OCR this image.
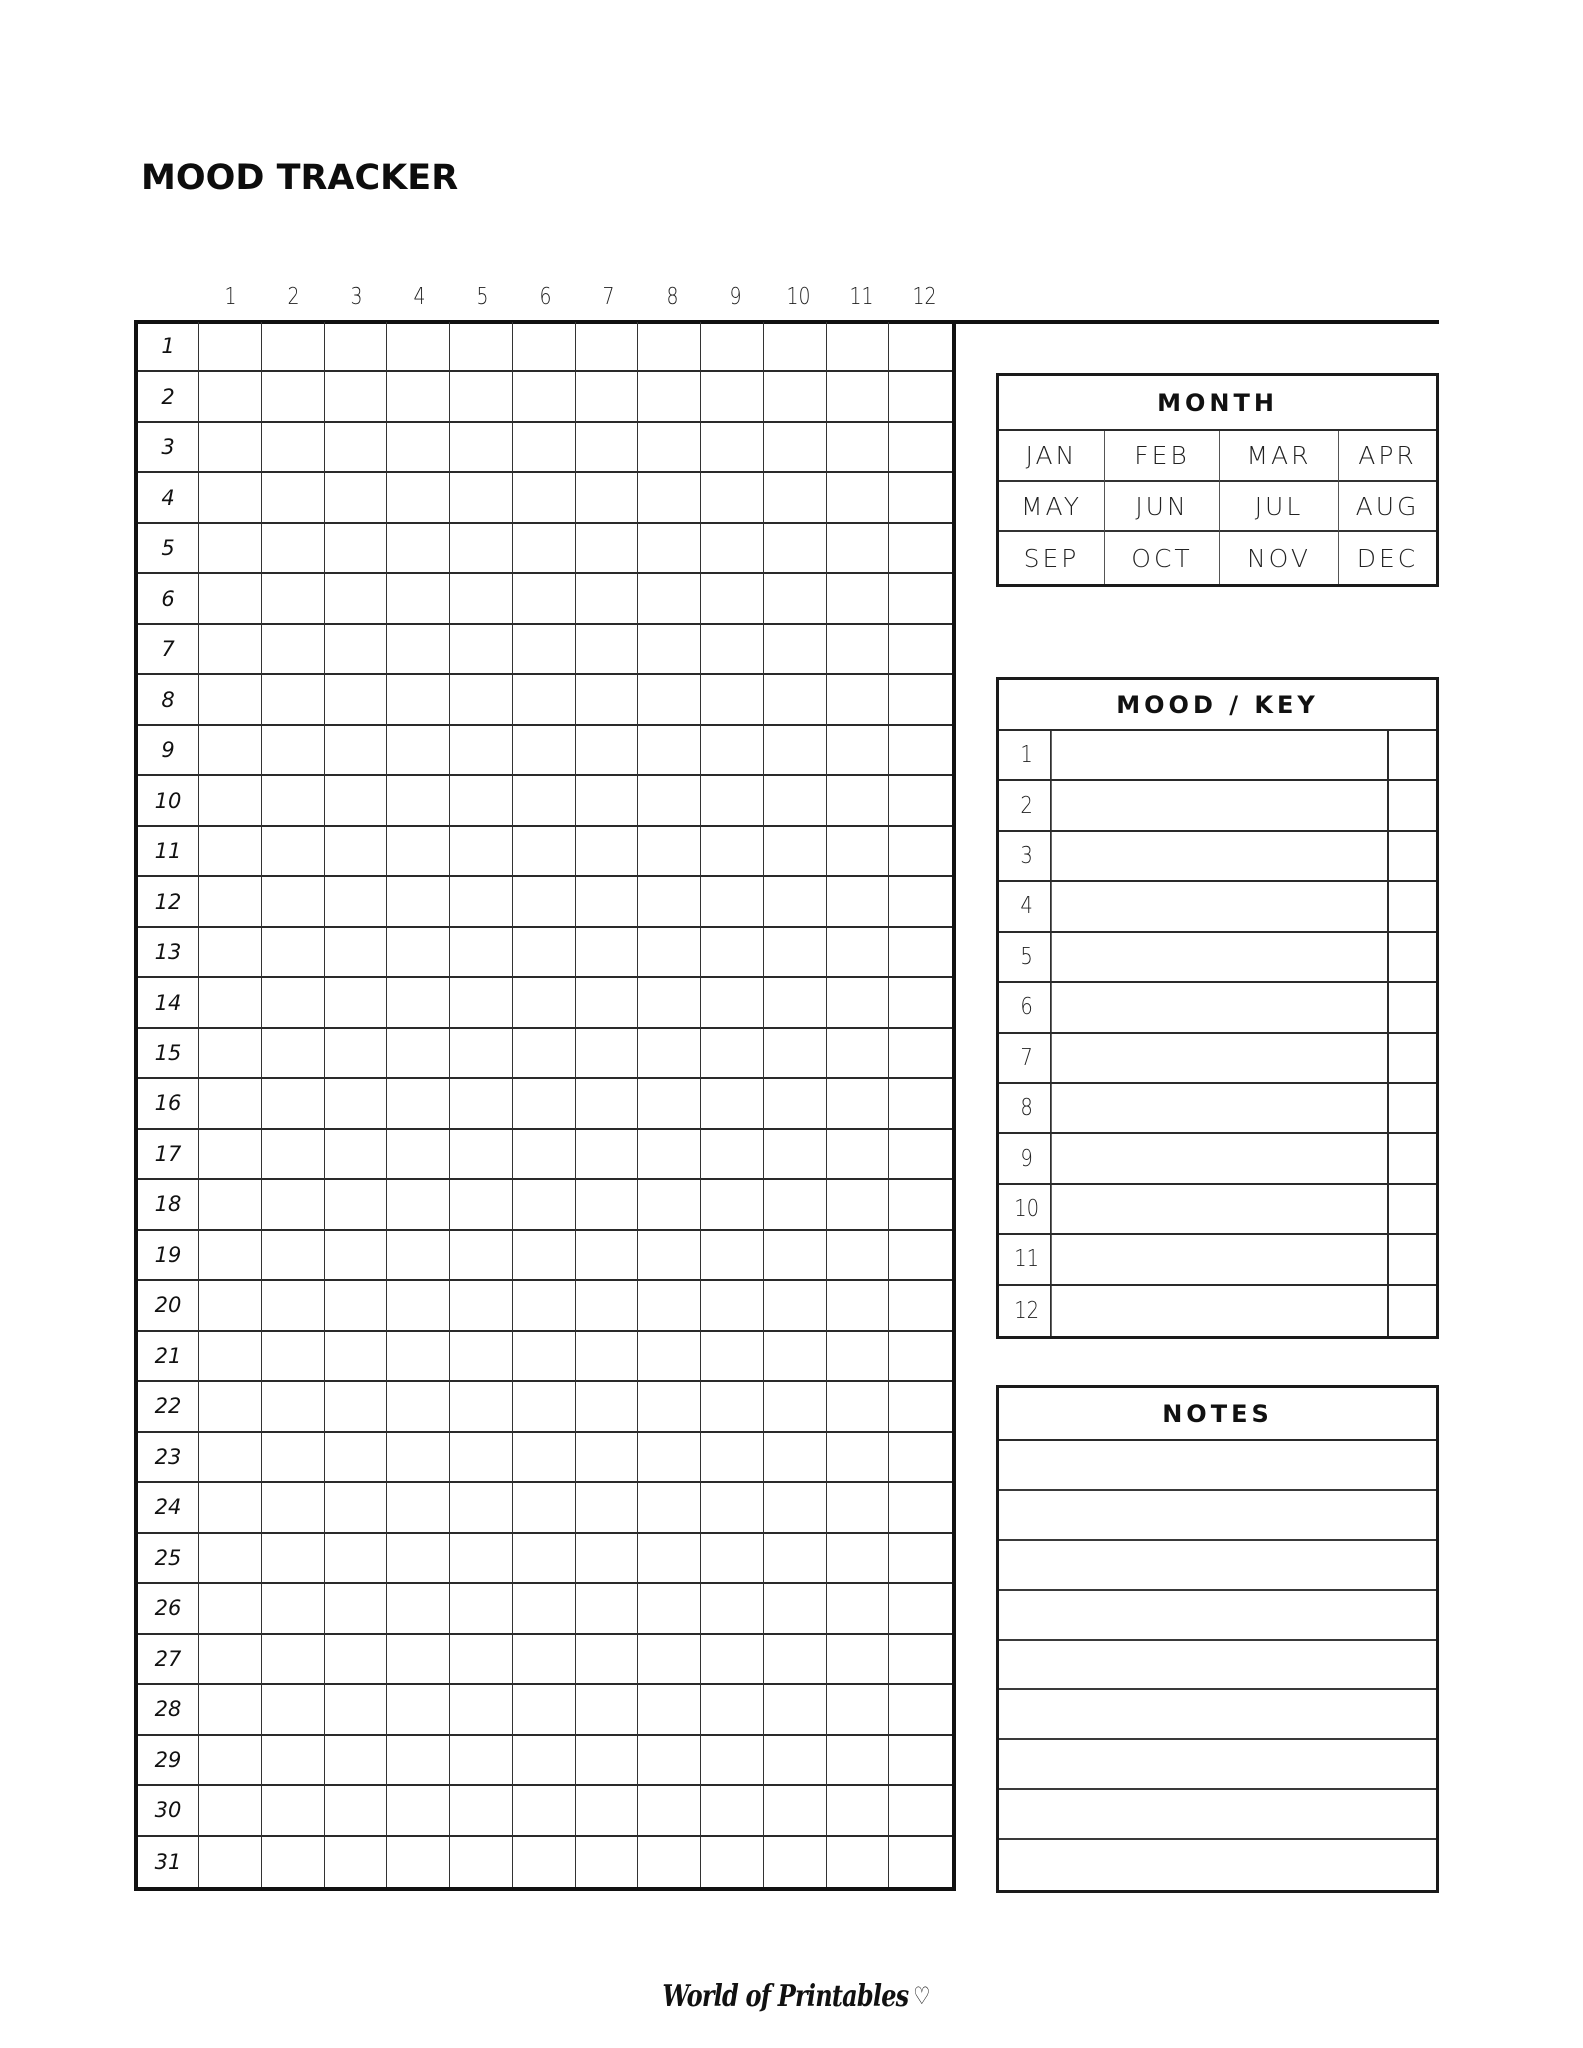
MOOD TRACKER
1	2	3	4	5	6	7	8	9	10	11	12
1
2
3
4
5
6
7
8
9
10
11
12
13
14
15
16
17
18
19
20
21
22
23
24
25
26
27
28
29
30
31
MONTH
JAN	FEB	MAR	APR
MAY	JUN	JUL	AUG
SEP	OCT	NOV	DEC
MOOD / KEY
1
2
3
4
5
6
7
8
9
10
11
12
NOTES
World of Printables ♡
